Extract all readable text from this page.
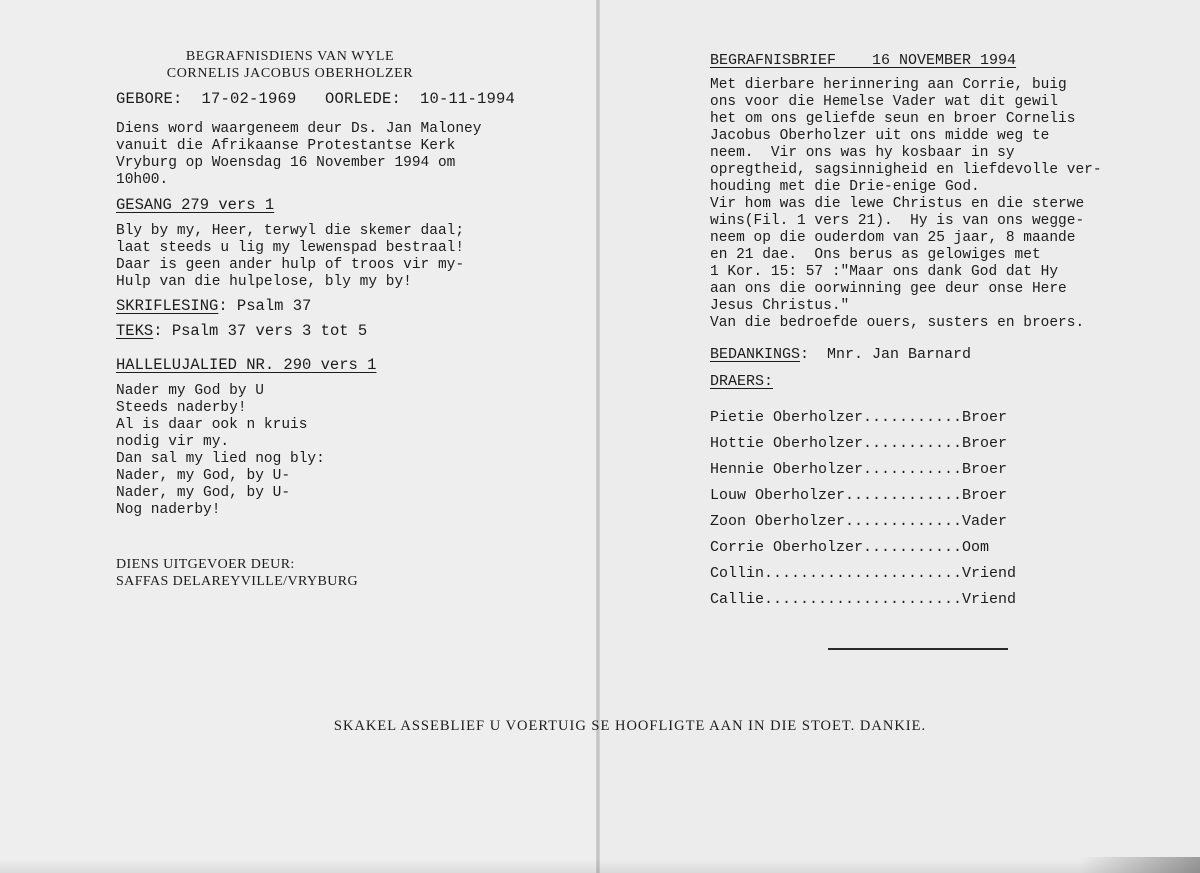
BEGRAFNISDIENS VAN WYLE
CORNELIS JACOBUS OBERHOLZER
GEBORE:  17-02-1969   OORLEDE:  10-11-1994
Diens word waargeneem deur Ds. Jan Maloney
vanuit die Afrikaanse Protestantse Kerk
Vryburg op Woensdag 16 November 1994 om
10h00.
GESANG 279 vers 1
Bly by my, Heer, terwyl die skemer daal;
laat steeds u lig my lewenspad bestraal!
Daar is geen ander hulp of troos vir my-
Hulp van die hulpelose, bly my by!
SKRIFLESING: Psalm 37
TEKS: Psalm 37 vers 3 tot 5
HALLELUJALIED NR. 290 vers 1
Nader my God by U
Steeds naderby!
Al is daar ook n kruis
nodig vir my.
Dan sal my lied nog bly:
Nader, my God, by U-
Nader, my God, by U-
Nog naderby!
DIENS UITGEVOER DEUR:
SAFFAS DELAREYVILLE/VRYBURG
BEGRAFNISBRIEF    16 NOVEMBER 1994
Met dierbare herinnering aan Corrie, buig
ons voor die Hemelse Vader wat dit gewil
het om ons geliefde seun en broer Cornelis
Jacobus Oberholzer uit ons midde weg te
neem.  Vir ons was hy kosbaar in sy
opregtheid, sagsinnigheid en liefdevolle ver-
houding met die Drie-enige God.
Vir hom was die lewe Christus en die sterwe
wins(Fil. 1 vers 21).  Hy is van ons wegge-
neem op die ouderdom van 25 jaar, 8 maande
en 21 dae.  Ons berus as gelowiges met
1 Kor. 15: 57 :"Maar ons dank God dat Hy
aan ons die oorwinning gee deur onse Here
Jesus Christus."
Van die bedroefde ouers, susters en broers.
BEDANKINGS:  Mnr. Jan Barnard
DRAERS:
Pietie Oberholzer...........Broer
Hottie Oberholzer...........Broer
Hennie Oberholzer...........Broer
Louw Oberholzer.............Broer
Zoon Oberholzer.............Vader
Corrie Oberholzer...........Oom
Collin......................Vriend
Callie......................Vriend
SKAKEL ASSEBLIEF U VOERTUIG SE HOOFLIGTE AAN IN DIE STOET. DANKIE.
